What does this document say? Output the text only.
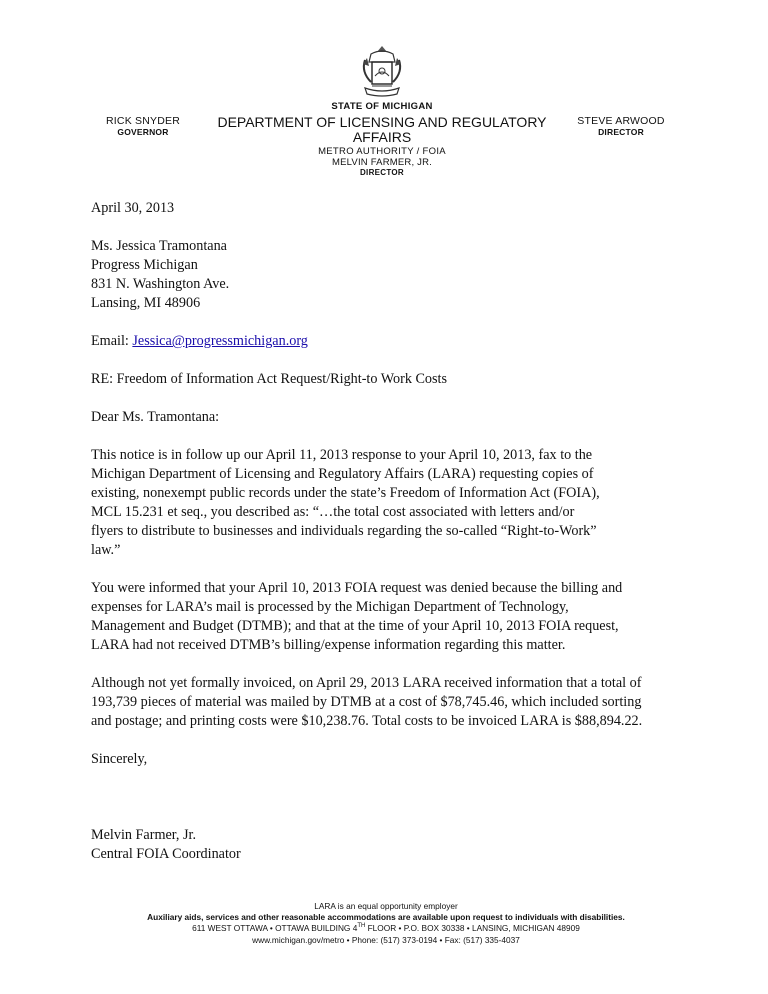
RICK SNYDER
GOVERNOR
STATE OF MICHIGAN
DEPARTMENT OF LICENSING AND REGULATORY AFFAIRS
METRO AUTHORITY / FOIA
MELVIN FARMER, JR.
DIRECTOR
STEVE ARWOOD
DIRECTOR

April 30, 2013

Ms. Jessica Tramontana

Progress Michigan

831 N. Washington Ave.

Lansing, MI 48906

Email: Jessica@progressmichigan.org

RE: Freedom of Information Act Request/Right-to Work Costs

Dear Ms. Tramontana:

This notice is in follow up our April 11, 2013 response to your April 10, 2013, fax to the

Michigan Department of Licensing and Regulatory Affairs (LARA) requesting copies of

existing, nonexempt public records under the state’s Freedom of Information Act (FOIA),

MCL 15.231 et seq., you described as: “…the total cost associated with letters and/or

flyers to distribute to businesses and individuals regarding the so-called “Right-to-Work”

law.”

You were informed that your April 10, 2013 FOIA request was denied because the billing and

expenses for LARA’s mail is processed by the Michigan Department of Technology,

Management and Budget (DTMB); and that at the time of your April 10, 2013 FOIA request,

LARA had not received DTMB’s billing/expense information regarding this matter.

Although not yet formally invoiced, on April 29, 2013 LARA received information that a total of

193,739 pieces of material was mailed by DTMB at a cost of $78,745.46, which included sorting

and postage; and printing costs were $10,238.76. Total costs to be invoiced LARA is $88,894.22.

Sincerely,

Melvin Farmer, Jr.

Central FOIA Coordinator

LARA is an equal opportunity employer
Auxiliary aids, services and other reasonable accommodations are available upon request to individuals with disabilities.
611 WEST OTTAWA • OTTAWA BUILDING 4TH FLOOR • P.O. BOX 30338 • LANSING, MICHIGAN 48909
www.michigan.gov/metro • Phone: (517) 373-0194 • Fax: (517) 335-4037
